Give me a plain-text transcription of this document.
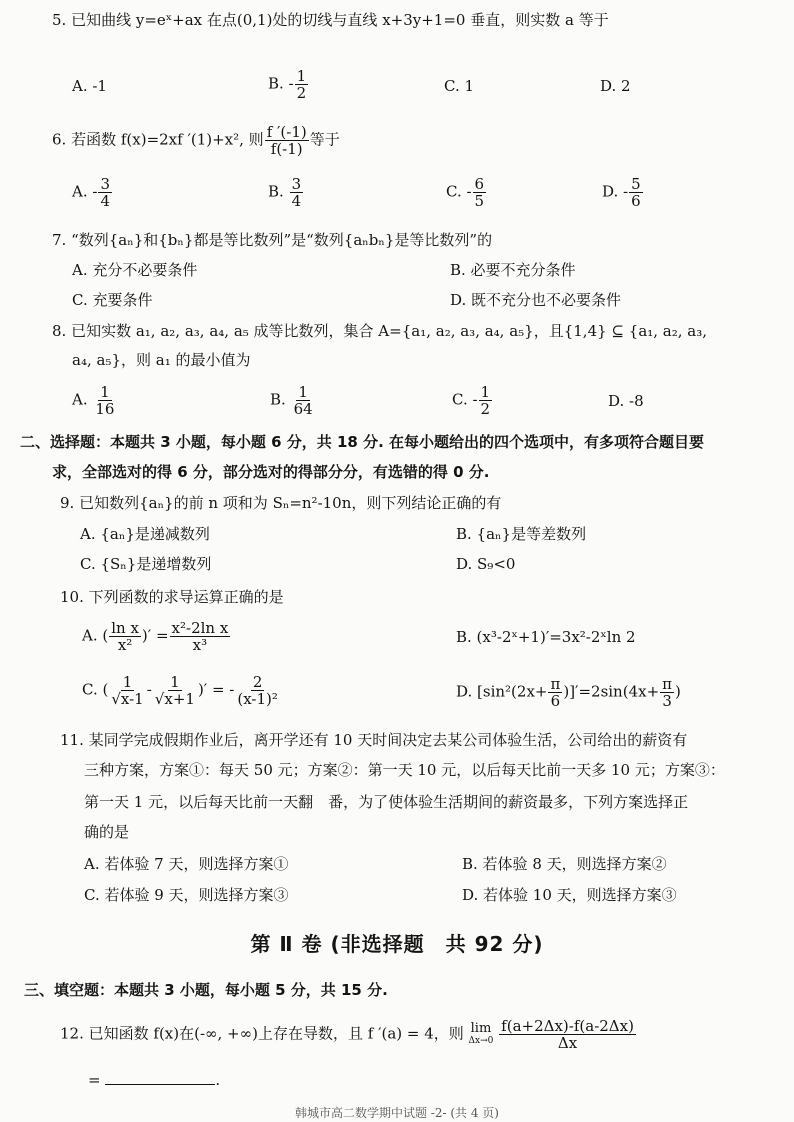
5. 已知曲线 y=eˣ+ax 在点(0,1)处的切线与直线 x+3y+1=0 垂直，则实数 a 等于
A. -1	B. - $\frac{1}{2}$	C. 1	D. 2
6. 若函数 f(x)=2xf ′(1)+x², 则 $\frac{f '(-1)}{f(-1)}$ 等于
A. - $\frac{3}{4}$	B. $\frac{3}{4}$	C. - $\frac{6}{5}$	D. - $\frac{5}{6}$
7. “数列{aₙ}和{bₙ}都是等比数列”是“数列{aₙbₙ}是等比数列”的
A. 充分不必要条件	B. 必要不充分条件
C. 充要条件	D. 既不充分也不必要条件
8. 已知实数 a₁, a₂, a₃, a₄, a₅ 成等比数列，集合 A={a₁, a₂, a₃, a₄, a₅}，且{1,4} ⊆ {a₁, a₂, a₃,
a₄, a₅}，则 a₁ 的最小值为
A. $\frac{1}{16}$	B. $\frac{1}{64}$	C. - $\frac{1}{2}$	D. -8
二、选择题：本题共 3 小题，每小题 6 分，共 18 分. 在每小题给出的四个选项中，有多项符合题目要
求，全部选对的得 6 分，部分选对的得部分分，有选错的得 0 分.
9. 已知数列{aₙ}的前 n 项和为 Sₙ=n²-10n，则下列结论正确的有
A. {aₙ}是递减数列	B. {aₙ}是等差数列
C. {Sₙ}是递增数列	D. S₉<0
10. 下列函数的求导运算正确的是
A. ( $\frac{\text{ln x}}{\text{x²}}$ )′ = $\frac{\text{x²-2ln x}}{\text{x³}}$	B. (x³-2ˣ+1)′=3x²-2ˣln 2
C. ( $\frac{1}{√x-1} - \frac{1}{√x+1}$ )′ = - $\frac{2}{\text{(x-1)²}}$	D. $[\sin^2(2x+ \frac{\pi}{6} )]'=2\sin(4x+ \frac{\pi}{3}$ )
11. 某同学完成假期作业后，离开学还有 10 天时间决定去某公司体验生活，公司给出的薪资有
三种方案，方案①：每天 50 元；方案②：第一天 10 元，以后每天比前一天多 10 元；方案③：
第一天 1 元，以后每天比前一天翻　番，为了使体验生活期间的薪资最多，下列方案选择正
确的是
A. 若体验 7 天，则选择方案①	B. 若体验 8 天，则选择方案②
C. 若体验 9 天，则选择方案③	D. 若体验 10 天，则选择方案③
第 Ⅱ 卷 (非选择题　共 92 分)
三、填空题：本题共 3 小题，每小题 5 分，共 15 分.
12. 已知函数 f(x)在(-∞, +∞)上存在导数，且 f ′(a) = 4，则 lim
Δx→0
$\frac{f(a+2\Delta x)-f(a-2\Delta x)}{\Delta x}$
=	.
韩城市高二数学期中试题 -2- (共 4 页)
